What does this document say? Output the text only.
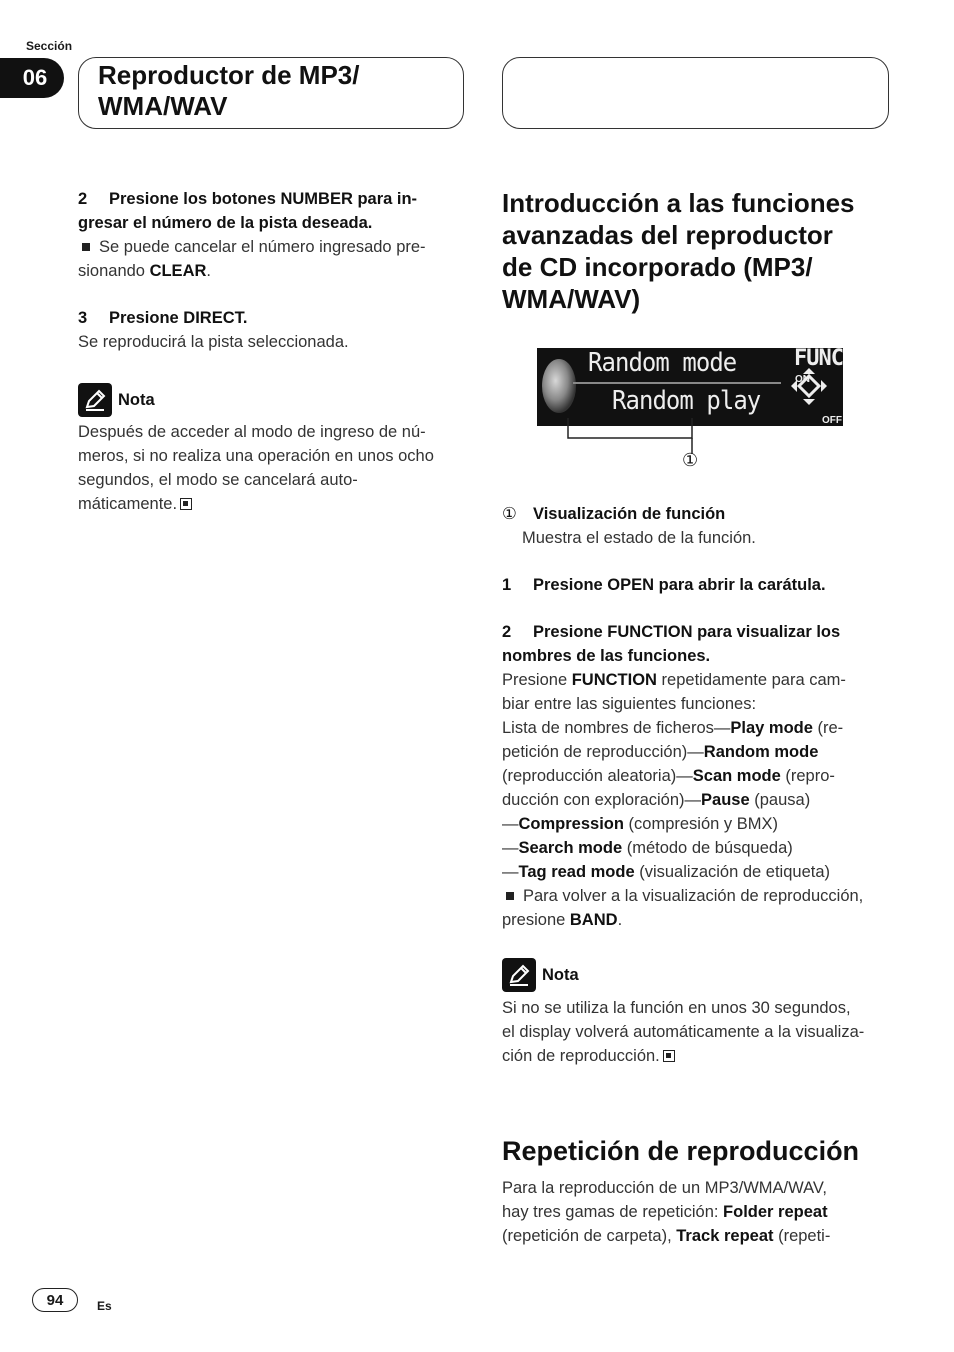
Sección
06	Reproductor de MP3/
WMA/WAV

2 Presione los botones NUMBER para in-

gresar el número de la pista deseada.

Se puede cancelar el número ingresado pre-

sionando CLEAR.

3 Presione DIRECT.

Se reproducirá la pista seleccionada.

Nota

Después de acceder al modo de ingreso de nú-

meros, si no realiza una operación en unos ocho

segundos, el modo se cancelará auto-

máticamente.

Introducción a las funciones
avanzadas del reproductor
de CD incorporado (MP3/
WMA/WAV)
Random mode
Random play
FUNC
ON
OFF
①

① Visualización de función

Muestra el estado de la función.

1 Presione OPEN para abrir la carátula.

2 Presione FUNCTION para visualizar los

nombres de las funciones.

Presione FUNCTION repetidamente para cam-

biar entre las siguientes funciones:

Lista de nombres de ficheros—Play mode (re-

petición de reproducción)—Random mode

(reproducción aleatoria)—Scan mode (repro-

ducción con exploración)—Pause (pausa)

—Compression (compresión y BMX)

—Search mode (método de búsqueda)

—Tag read mode (visualización de etiqueta)

Para volver a la visualización de reproducción,

presione BAND.

Nota

Si no se utiliza la función en unos 30 segundos,

el display volverá automáticamente a la visualiza-

ción de reproducción.

Repetición de reproducción

Para la reproducción de un MP3/WMA/WAV,

hay tres gamas de repetición: Folder repeat

(repetición de carpeta), Track repeat (repeti-

94	Es
